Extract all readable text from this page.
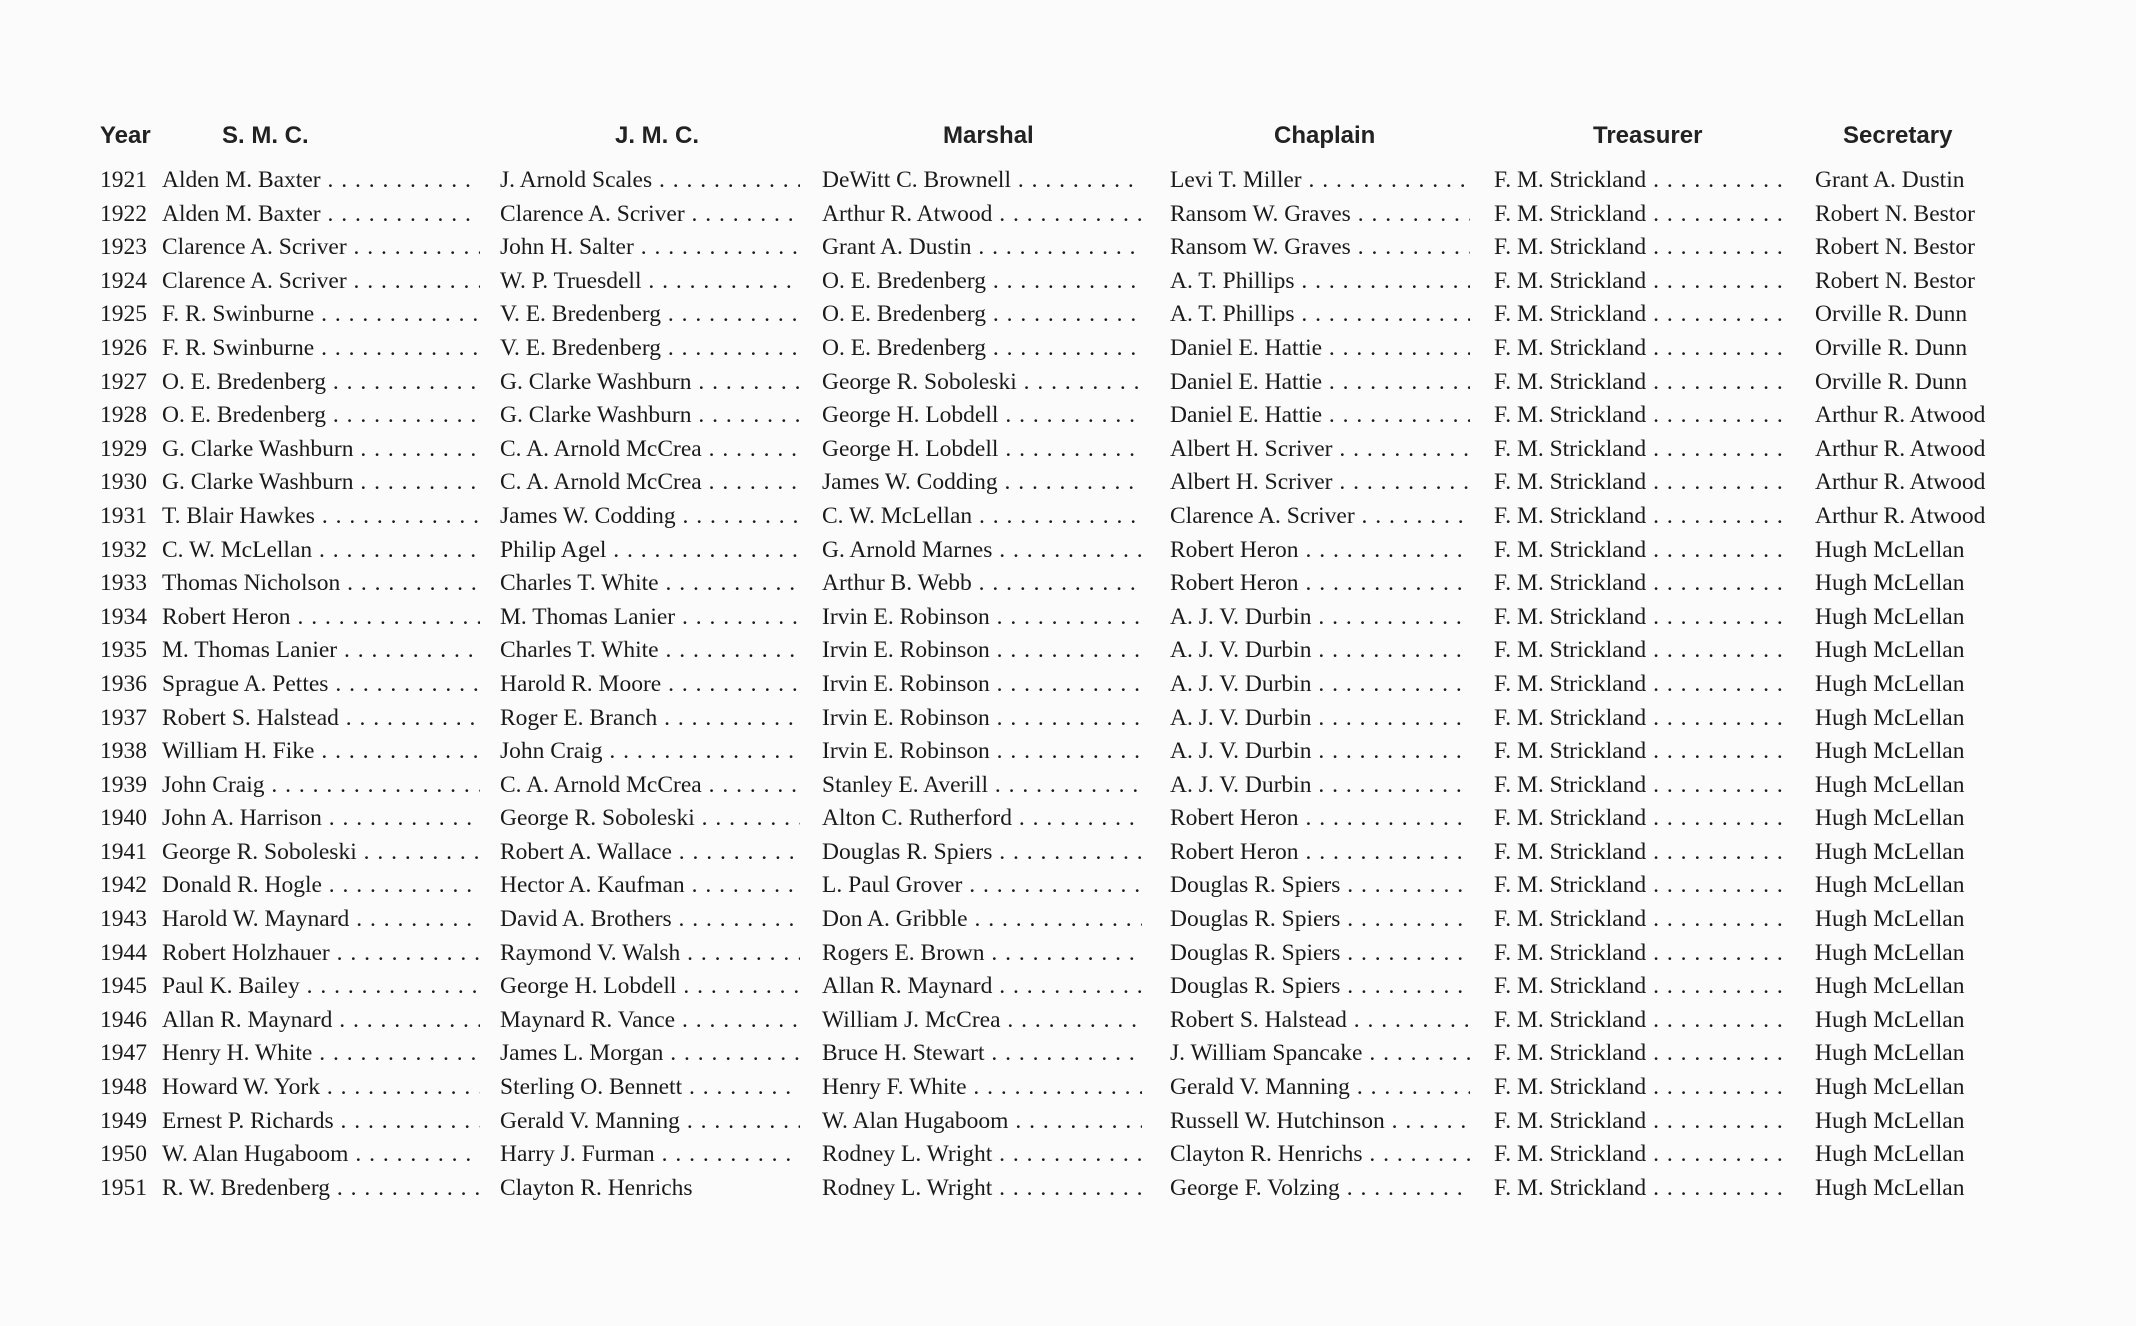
Year	S. M. C.	J. M. C.	Marshal	Chaplain	Treasurer	Secretary
1921 Alden M. Baxter . . .	J. Arnold Scales . . .	DeWitt C. Brownell . . .	Levi T. Miller . . .	F. M. Strickland . . .	Grant A. Dustin
1922 Alden M. Baxter . . .	Clarence A. Scriver . . .	Arthur R. Atwood . . .	Ransom W. Graves . . .	F. M. Strickland . . .	Robert N. Bestor
1923 Clarence A. Scriver . . .	John H. Salter . . .	Grant A. Dustin . . .	Ransom W. Graves . . .	F. M. Strickland . . .	Robert N. Bestor
1924 Clarence A. Scriver . . .	W. P. Truesdell . . .	O. E. Bredenberg . . .	A. T. Phillips . . .	F. M. Strickland . . .	Robert N. Bestor
1925 F. R. Swinburne . . .	V. E. Bredenberg . . .	O. E. Bredenberg . . .	A. T. Phillips . . .	F. M. Strickland . . .	Orville R. Dunn
1926 F. R. Swinburne . . .	V. E. Bredenberg . . .	O. E. Bredenberg . . .	Daniel E. Hattie . . .	F. M. Strickland . . .	Orville R. Dunn
1927 O. E. Bredenberg . . .	G. Clarke Washburn . . .	George R. Soboleski . . .	Daniel E. Hattie . . .	F. M. Strickland . . .	Orville R. Dunn
1928 O. E. Bredenberg . . .	G. Clarke Washburn . . .	George H. Lobdell . . .	Daniel E. Hattie . . .	F. M. Strickland . . .	Arthur R. Atwood
1929 G. Clarke Washburn . . .	C. A. Arnold McCrea . . .	George H. Lobdell . . .	Albert H. Scriver . . .	F. M. Strickland . . .	Arthur R. Atwood
1930 G. Clarke Washburn . . .	C. A. Arnold McCrea . . .	James W. Codding . . .	Albert H. Scriver . . .	F. M. Strickland . . .	Arthur R. Atwood
1931 T. Blair Hawkes . . .	James W. Codding . . .	C. W. McLellan . . .	Clarence A. Scriver . . .	F. M. Strickland . . .	Arthur R. Atwood
1932 C. W. McLellan . . .	Philip Agel . . .	G. Arnold Marnes . . .	Robert Heron . . .	F. M. Strickland . . .	Hugh McLellan
1933 Thomas Nicholson . . .	Charles T. White . . .	Arthur B. Webb . . .	Robert Heron . . .	F. M. Strickland . . .	Hugh McLellan
1934 Robert Heron . . .	M. Thomas Lanier . . .	Irvin E. Robinson . . .	A. J. V. Durbin . . .	F. M. Strickland . . .	Hugh McLellan
1935 M. Thomas Lanier . . .	Charles T. White . . .	Irvin E. Robinson . . .	A. J. V. Durbin . . .	F. M. Strickland . . .	Hugh McLellan
1936 Sprague A. Pettes . . .	Harold R. Moore . . .	Irvin E. Robinson . . .	A. J. V. Durbin . . .	F. M. Strickland . . .	Hugh McLellan
1937 Robert S. Halstead . . .	Roger E. Branch . . .	Irvin E. Robinson . . .	A. J. V. Durbin . . .	F. M. Strickland . . .	Hugh McLellan
1938 William H. Fike . . .	John Craig . . .	Irvin E. Robinson . . .	A. J. V. Durbin . . .	F. M. Strickland . . .	Hugh McLellan
1939 John Craig . . .	C. A. Arnold McCrea . . .	Stanley E. Averill . . .	A. J. V. Durbin . . .	F. M. Strickland . . .	Hugh McLellan
1940 John A. Harrison . . .	George R. Soboleski . . .	Alton C. Rutherford . . .	Robert Heron . . .	F. M. Strickland . . .	Hugh McLellan
1941 George R. Soboleski . . .	Robert A. Wallace . . .	Douglas R. Spiers . . .	Robert Heron . . .	F. M. Strickland . . .	Hugh McLellan
1942 Donald R. Hogle . . .	Hector A. Kaufman . . .	L. Paul Grover . . .	Douglas R. Spiers . . .	F. M. Strickland . . .	Hugh McLellan
1943 Harold W. Maynard . . .	David A. Brothers . . .	Don A. Gribble . . .	Douglas R. Spiers . . .	F. M. Strickland . . .	Hugh McLellan
1944 Robert Holzhauer . . .	Raymond V. Walsh . . .	Rogers E. Brown . . .	Douglas R. Spiers . . .	F. M. Strickland . . .	Hugh McLellan
1945 Paul K. Bailey . . .	George H. Lobdell . . .	Allan R. Maynard . . .	Douglas R. Spiers . . .	F. M. Strickland . . .	Hugh McLellan
1946 Allan R. Maynard . . .	Maynard R. Vance . . .	William J. McCrea . . .	Robert S. Halstead . . .	F. M. Strickland . . .	Hugh McLellan
1947 Henry H. White . . .	James L. Morgan . . .	Bruce H. Stewart . . .	J. William Spancake . . .	F. M. Strickland . . .	Hugh McLellan
1948 Howard W. York . . .	Sterling O. Bennett . . .	Henry F. White . . .	Gerald V. Manning . . .	F. M. Strickland . . .	Hugh McLellan
1949 Ernest P. Richards . . .	Gerald V. Manning . . .	W. Alan Hugaboom . . .	Russell W. Hutchinson . . .	F. M. Strickland . . .	Hugh McLellan
1950 W. Alan Hugaboom . . .	Harry J. Furman . . .	Rodney L. Wright . . .	Clayton R. Henrichs . . .	F. M. Strickland . . .	Hugh McLellan
1951 R. W. Bredenberg . . .	Clayton R. Henrichs	Rodney L. Wright . . .	George F. Volzing . . .	F. M. Strickland . . .	Hugh McLellan
